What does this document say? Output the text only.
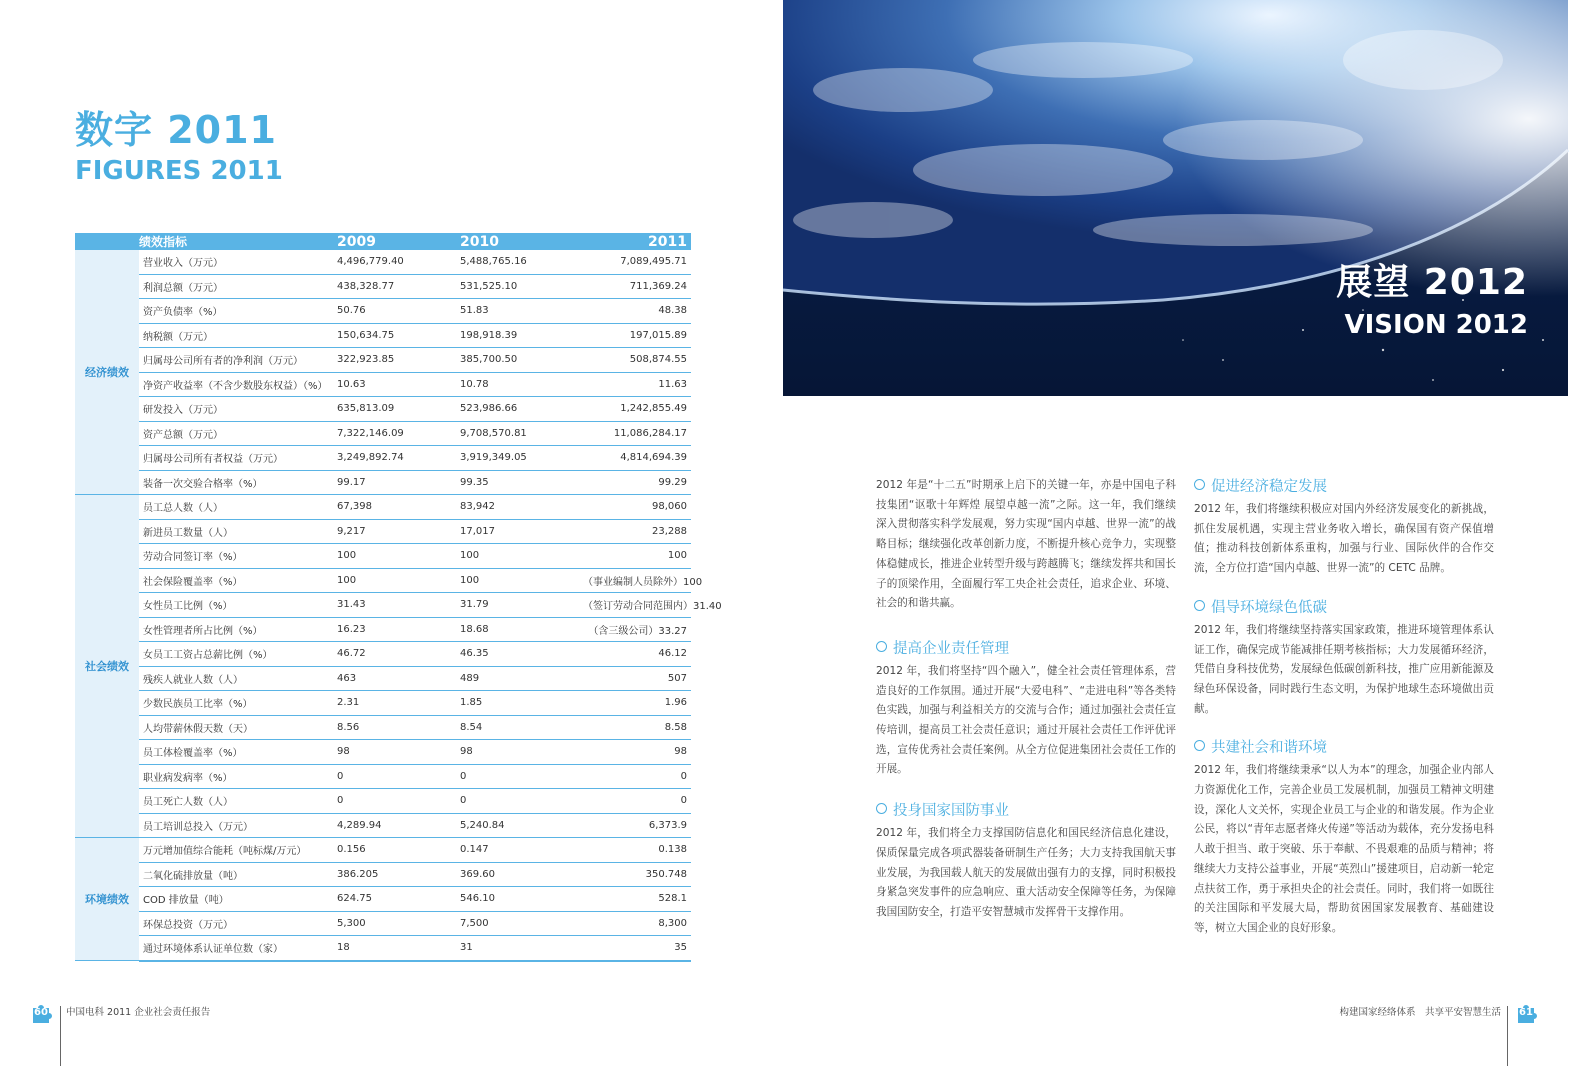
数字 2011
FIGURES 2011
	绩效指标	2009	2010	2011
经济绩效	营业收入（万元）	4,496,779.40	5,488,765.16	7,089,495.71
	利润总额（万元）	438,328.77	531,525.10	711,369.24
	资产负债率（%）	50.76	51.83	48.38
	纳税额（万元）	150,634.75	198,918.39	197,015.89
	归属母公司所有者的净利润（万元）	322,923.85	385,700.50	508,874.55
	净资产收益率（不含少数股东权益）（%）	10.63	10.78	11.63
	研发投入（万元）	635,813.09	523,986.66	1,242,855.49
	资产总额（万元）	7,322,146.09	9,708,570.81	11,086,284.17
	归属母公司所有者权益（万元）	3,249,892.74	3,919,349.05	4,814,694.39
	装备一次交验合格率（%）	99.17	99.35	99.29
社会绩效	员工总人数（人）	67,398	83,942	98,060
	新进员工数量（人）	9,217	17,017	23,288
	劳动合同签订率（%）	100	100	100
	社会保险覆盖率（%）	100	100	（事业编制人员除外）100
	女性员工比例（%）	31.43	31.79	（签订劳动合同范围内）31.40
	女性管理者所占比例（%）	16.23	18.68	（含三级公司）33.27
	女员工工资占总薪比例（%）	46.72	46.35	46.12
	残疾人就业人数（人）	463	489	507
	少数民族员工比率（%）	2.31	1.85	1.96
	人均带薪休假天数（天）	8.56	8.54	8.58
	员工体检覆盖率（%）	98	98	98
	职业病发病率（%）	0	0	0
	员工死亡人数（人）	0	0	0
	员工培训总投入（万元）	4,289.94	5,240.84	6,373.9
环境绩效	万元增加值综合能耗（吨标煤/万元）	0.156	0.147	0.138
	二氧化硫排放量（吨）	386.205	369.60	350.748
	COD 排放量（吨）	624.75	546.10	528.1
	环保总投资（万元）	5,300	7,500	8,300
	通过环境体系认证单位数（家）	18	31	35
展望 2012
VISION 2012

2012 年是“十二五”时期承上启下的关键一年，亦是中国电子科技集团“讴歌十年辉煌 展望卓越一流”之际。这一年，我们继续深入贯彻落实科学发展观，努力实现“国内卓越、世界一流”的战略目标；继续强化改革创新力度，不断提升核心竞争力，实现整体稳健成长，推进企业转型升级与跨越腾飞；继续发挥共和国长子的顶梁作用，全面履行军工央企社会责任，追求企业、环境、社会的和谐共赢。

提高企业责任管理

2012 年，我们将坚持“四个融入”，健全社会责任管理体系，营造良好的工作氛围。通过开展“大爱电科”、“走进电科”等各类特色实践，加强与利益相关方的交流与合作；通过加强社会责任宣传培训，提高员工社会责任意识；通过开展社会责任工作评优评选，宣传优秀社会责任案例。从全方位促进集团社会责任工作的开展。

投身国家国防事业

2012 年，我们将全力支撑国防信息化和国民经济信息化建设，保质保量完成各项武器装备研制生产任务；大力支持我国航天事业发展，为我国载人航天的发展做出强有力的支撑，同时积极投身紧急突发事件的应急响应、重大活动安全保障等任务，为保障我国国防安全，打造平安智慧城市发挥骨干支撑作用。

促进经济稳定发展

2012 年，我们将继续积极应对国内外经济发展变化的新挑战，抓住发展机遇，实现主营业务收入增长，确保国有资产保值增值；推动科技创新体系重构，加强与行业、国际伙伴的合作交流，全方位打造“国内卓越、世界一流”的 CETC 品牌。

倡导环境绿色低碳

2012 年，我们将继续坚持落实国家政策，推进环境管理体系认证工作，确保完成节能减排任期考核指标；大力发展循环经济，凭借自身科技优势，发展绿色低碳创新科技，推广应用新能源及绿色环保设备，同时践行生态文明，为保护地球生态环境做出贡献。

共建社会和谐环境

2012 年，我们将继续秉承“以人为本”的理念，加强企业内部人力资源优化工作，完善企业员工发展机制，加强员工精神文明建设，深化人文关怀，实现企业员工与企业的和谐发展。作为企业公民，将以“青年志愿者烽火传递”等活动为载体，充分发扬电科人敢于担当、敢于突破、乐于奉献、不畏艰难的品质与精神；将继续大力支持公益事业，开展“英烈山”援建项目，启动新一轮定点扶贫工作，勇于承担央企的社会责任。同时，我们将一如既往的关注国际和平发展大局，帮助贫困国家发展教育、基础建设等，树立大国企业的良好形象。

60	中国电科 2011 企业社会责任报告	构建国家经络体系　共享平安智慧生活	61
